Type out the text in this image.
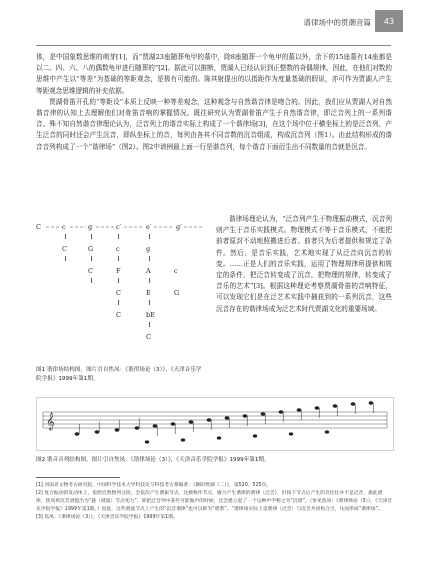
谱律场中的贯潮音篇	43

体，是中国象数思维的萌芽[1]，而“贾湖23座随葬龟甲的墓中，除8座随葬一个龟甲的墓以外，余下的15座墓有14座都是以二、四、六、八的偶数龟甲进行随葬的”[2]。据此可以推断，贾湖人已经认识到正整数的奇偶规律。因此，在他们对数的思维中产生以“等差”为基础的等距观念，是极有可能的。陈其射提出的以指距作为度量基础的假说，亦可作为贾湖人产生等距观念思维逻辑的补充依据。

贾湖骨笛开孔的“等距设”本质上反映一种等差观念，这种观念与自然谐音律是吻合的。因此，我们应从贾湖人对自然谐音律的认知上去理解他们对骨笛音响的掌握情况。既往研究认为贾湖骨笛产生于自然谐音律，即泛音列上的一系列谐音。殊不知自然谐音律理论认为，泛音列上的谐音实际上构成了一个谐律场[3]，在这个场中位于横坐标上的是泛音列，产生泛音的同时还会产生沉音，即纵坐标上的音，每列由各其不同音数的沉音组成，构成沉音列（图1）。由此结构形成的谐音音列构成了一个“谐律场”（图2）。图2中谱例最上面一行是谐音列，每个谐音下面衍生出不同数量的音就是沉音。

C	c	g	c′	e′	g′
C	G	c	g
C	F	A	c
C	E	G
C	bE
C
图1 谐律场结构图。图片引自焦凤：《谐律场论（3）》，《天津音乐学院学报》1999年第1期。

谐律场理论认为，“泛音列产生于物理振动模式，沉音列则产生于音乐实践模式。物理模式不等于音乐模式，不能把前者原封不动地照搬进后者。前者只为后者提供和规定了条件。然后，是音乐实践，艺术地实现了从泛音向沉音的转变。……正是人们的音乐实践，运用了物理规律所提供和规定的条件，把泛音转变成了沉音，把物理的规律，转变成了音乐的艺术”[3]。根据这种理论考察贾湖骨笛的音响特征，可以发现它们是在泛艺术实践中捕获到的一系列沉音，这些沉音存在的谐律场成为泛艺术时代贾湖文化的重要场域。

𝄞
图2 谐音音列结构图。图片引自焦凤：《谐律场论（3）》，《天津音乐学院学报》1999年第1期。

[1] 河南省文物考古研究院、中国科学技术大学科技史与科技考古系编著：《舞阳贾湖（二）》，第520、525页。

[2] 复合振动的发动体上，依照自然数列分段，会依次产生谐振节点，这被称作节点，赓合产生谐律的谐律（泛音），但按下节点后产生的音往往并不是泛音，据此谐律，焦凤将沉音谱提出为“悬（谐波）节点死力”，即把泛音列中某些可能做声的时候，还会建立起了一个这种声学称之为“沉谐”，（参见焦凤：《谐律场论（3）》，《天津音乐学院学报》1999年第1期。）因此，这些谐波节点上产生的“沉音谐律”也可以称为“谐谐”。“谐律场实际上是谐律（泛音）与沉音共同构合合，从而形成“谐律场”。

[3] 焦凤：《谐律场论（3）》，《天津音乐学院学报》1999年第1期。
